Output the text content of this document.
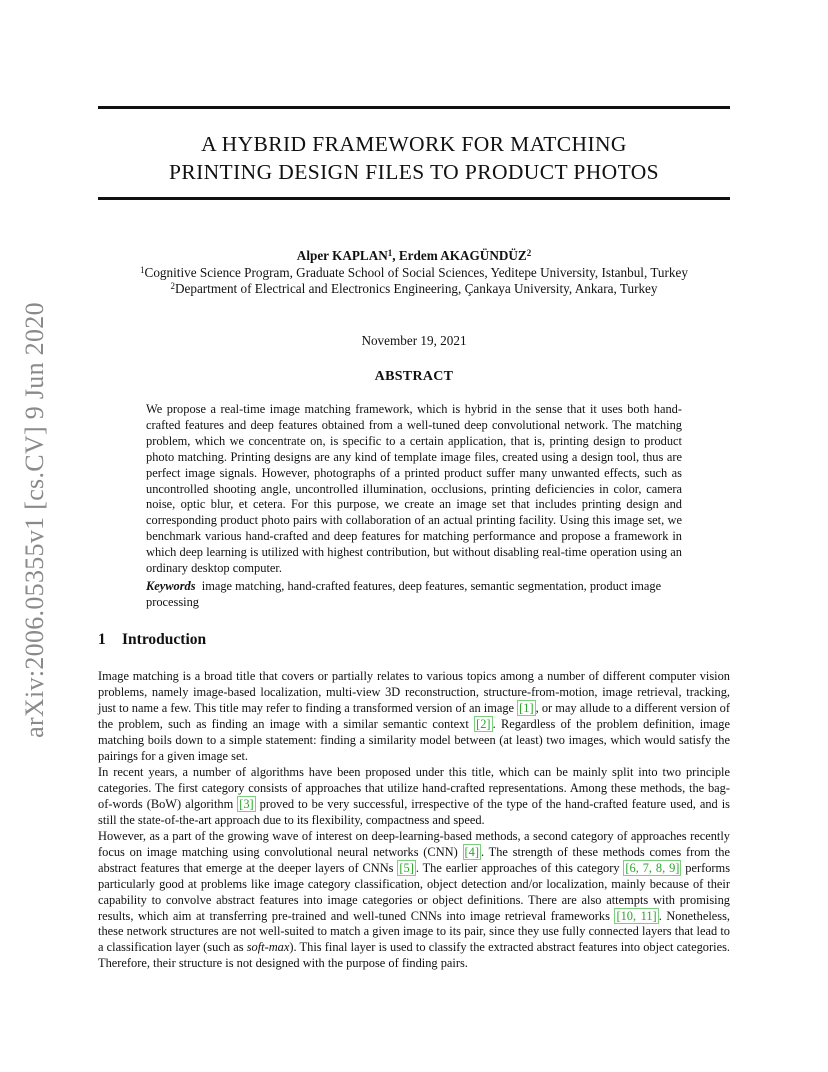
arXiv:2006.05355v1 [cs.CV] 9 Jun 2020
A HYBRID FRAMEWORK FOR MATCHING
PRINTING DESIGN FILES TO PRODUCT PHOTOS
Alper KAPLAN$^1$, Erdem AKAGÜNDÜZ$^2$
$^1$Cognitive Science Program, Graduate School of Social Sciences, Yeditepe University, Istanbul, Turkey
$^2$Department of Electrical and Electronics Engineering, Çankaya University, Ankara, Turkey
November 19, 2021
ABSTRACT
We propose a real-time image matching framework, which is hybrid in the sense that it uses both hand-crafted features and deep features obtained from a well-tuned deep convolutional network. The matching problem, which we concentrate on, is specific to a certain application, that is, printing design to product photo matching. Printing designs are any kind of template image files, created using a design tool, thus are perfect image signals. However, photographs of a printed product suffer many unwanted effects, such as uncontrolled shooting angle, uncontrolled illumination, occlusions, printing deficiencies in color, camera noise, optic blur, et cetera. For this purpose, we create an image set that includes printing design and corresponding product photo pairs with collaboration of an actual printing facility. Using this image set, we benchmark various hand-crafted and deep features for matching performance and propose a framework in which deep learning is utilized with highest contribution, but without disabling real-time operation using an ordinary desktop computer.
Keywords image matching, hand-crafted features, deep features, semantic segmentation, product image processing
1 Introduction
Image matching is a broad title that covers or partially relates to various topics among a number of different computer vision problems, namely image-based localization, multi-view 3D reconstruction, structure-from-motion, image retrieval, tracking, just to name a few. This title may refer to finding a transformed version of an image [1] , or may allude to a different version of the problem, such as finding an image with a similar semantic context [2] . Regardless of the problem definition, image matching boils down to a simple statement: finding a similarity model between (at least) two images, which would satisfy the pairings for a given image set.
In recent years, a number of algorithms have been proposed under this title, which can be mainly split into two principle categories. The first category consists of approaches that utilize hand-crafted representations. Among these methods, the bag-of-words (BoW) algorithm [3] proved to be very successful, irrespective of the type of the hand-crafted feature used, and is still the state-of-the-art approach due to its flexibility, compactness and speed.
However, as a part of the growing wave of interest on deep-learning-based methods, a second category of approaches recently focus on image matching using convolutional neural networks (CNN) [4] . The strength of these methods comes from the abstract features that emerge at the deeper layers of CNNs [5] . The earlier approaches of this category [6, 7, 8, 9] performs particularly good at problems like image category classification, object detection and/or localization, mainly because of their capability to convolve abstract features into image categories or object definitions. There are also attempts with promising results, which aim at transferring pre-trained and well-tuned CNNs into image retrieval frameworks [10, 11] . Nonetheless, these network structures are not well-suited to match a given image to its pair, since they use fully connected layers that lead to a classification layer (such as soft-max). This final layer is used to classify the extracted abstract features into object categories. Therefore, their structure is not designed with the purpose of finding pairs.
